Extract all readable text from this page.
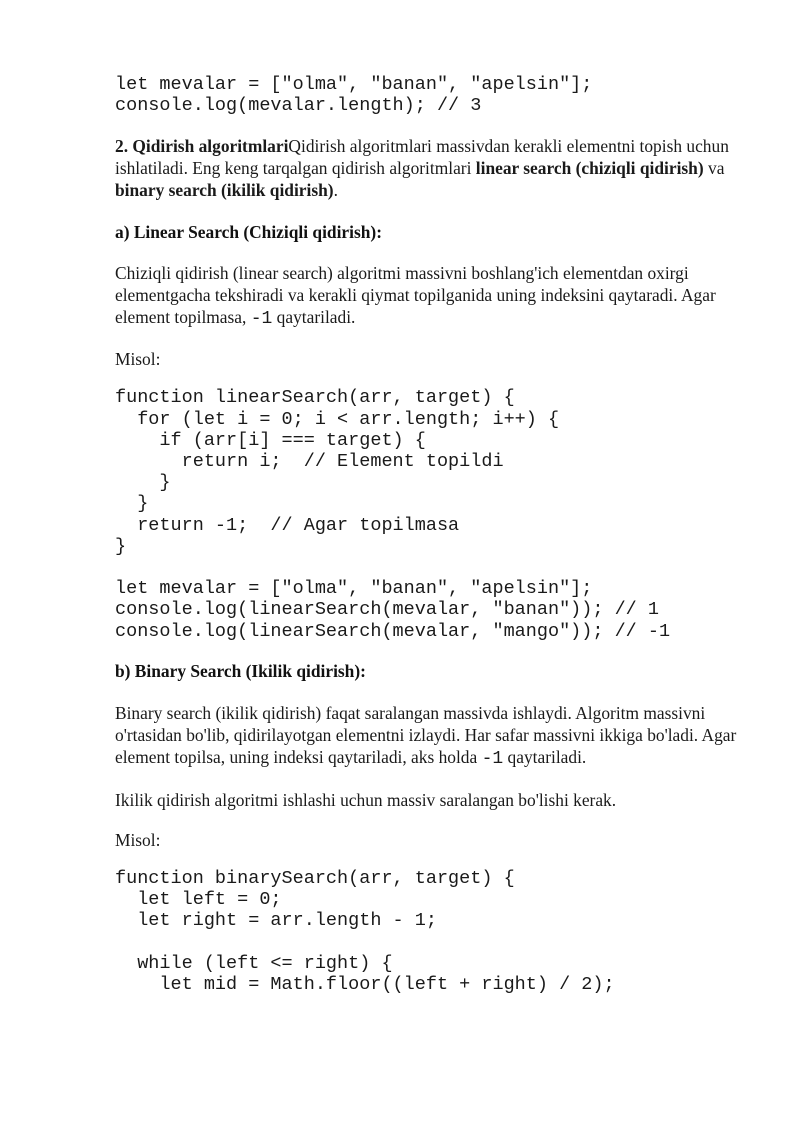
let mevalar = ["olma", "banan", "apelsin"];
console.log(mevalar.length); // 3

2. Qidirish algoritmlariQidirish algoritmlari massivdan kerakli elementni topish uchun ishlatiladi. Eng keng tarqalgan qidirish algoritmlari linear search (chiziqli qidirish) va binary search (ikilik qidirish).

a) Linear Search (Chiziqli qidirish):

Chiziqli qidirish (linear search) algoritmi massivni boshlang'ich elementdan oxirgi elementgacha tekshiradi va kerakli qiymat topilganida uning indeksini qaytaradi. Agar element topilmasa, -1 qaytariladi.

Misol:

function linearSearch(arr, target) {
for (let i = 0; i < arr.length; i++) {
if (arr[i] === target) {
return i;  // Element topildi
}
}
return -1;  // Agar topilmasa
}

let mevalar = ["olma", "banan", "apelsin"];
console.log(linearSearch(mevalar, "banan")); // 1
console.log(linearSearch(mevalar, "mango")); // -1

b) Binary Search (Ikilik qidirish):

Binary search (ikilik qidirish) faqat saralangan massivda ishlaydi. Algoritm massivni o'rtasidan bo'lib, qidirilayotgan elementni izlaydi. Har safar massivni ikkiga bo'ladi. Agar element topilsa, uning indeksi qaytariladi, aks holda -1 qaytariladi.

Ikilik qidirish algoritmi ishlashi uchun massiv saralangan bo'lishi kerak.

Misol:

function binarySearch(arr, target) {
let left = 0;
let right = arr.length - 1;

while (left <= right) {
let mid = Math.floor((left + right) / 2);
